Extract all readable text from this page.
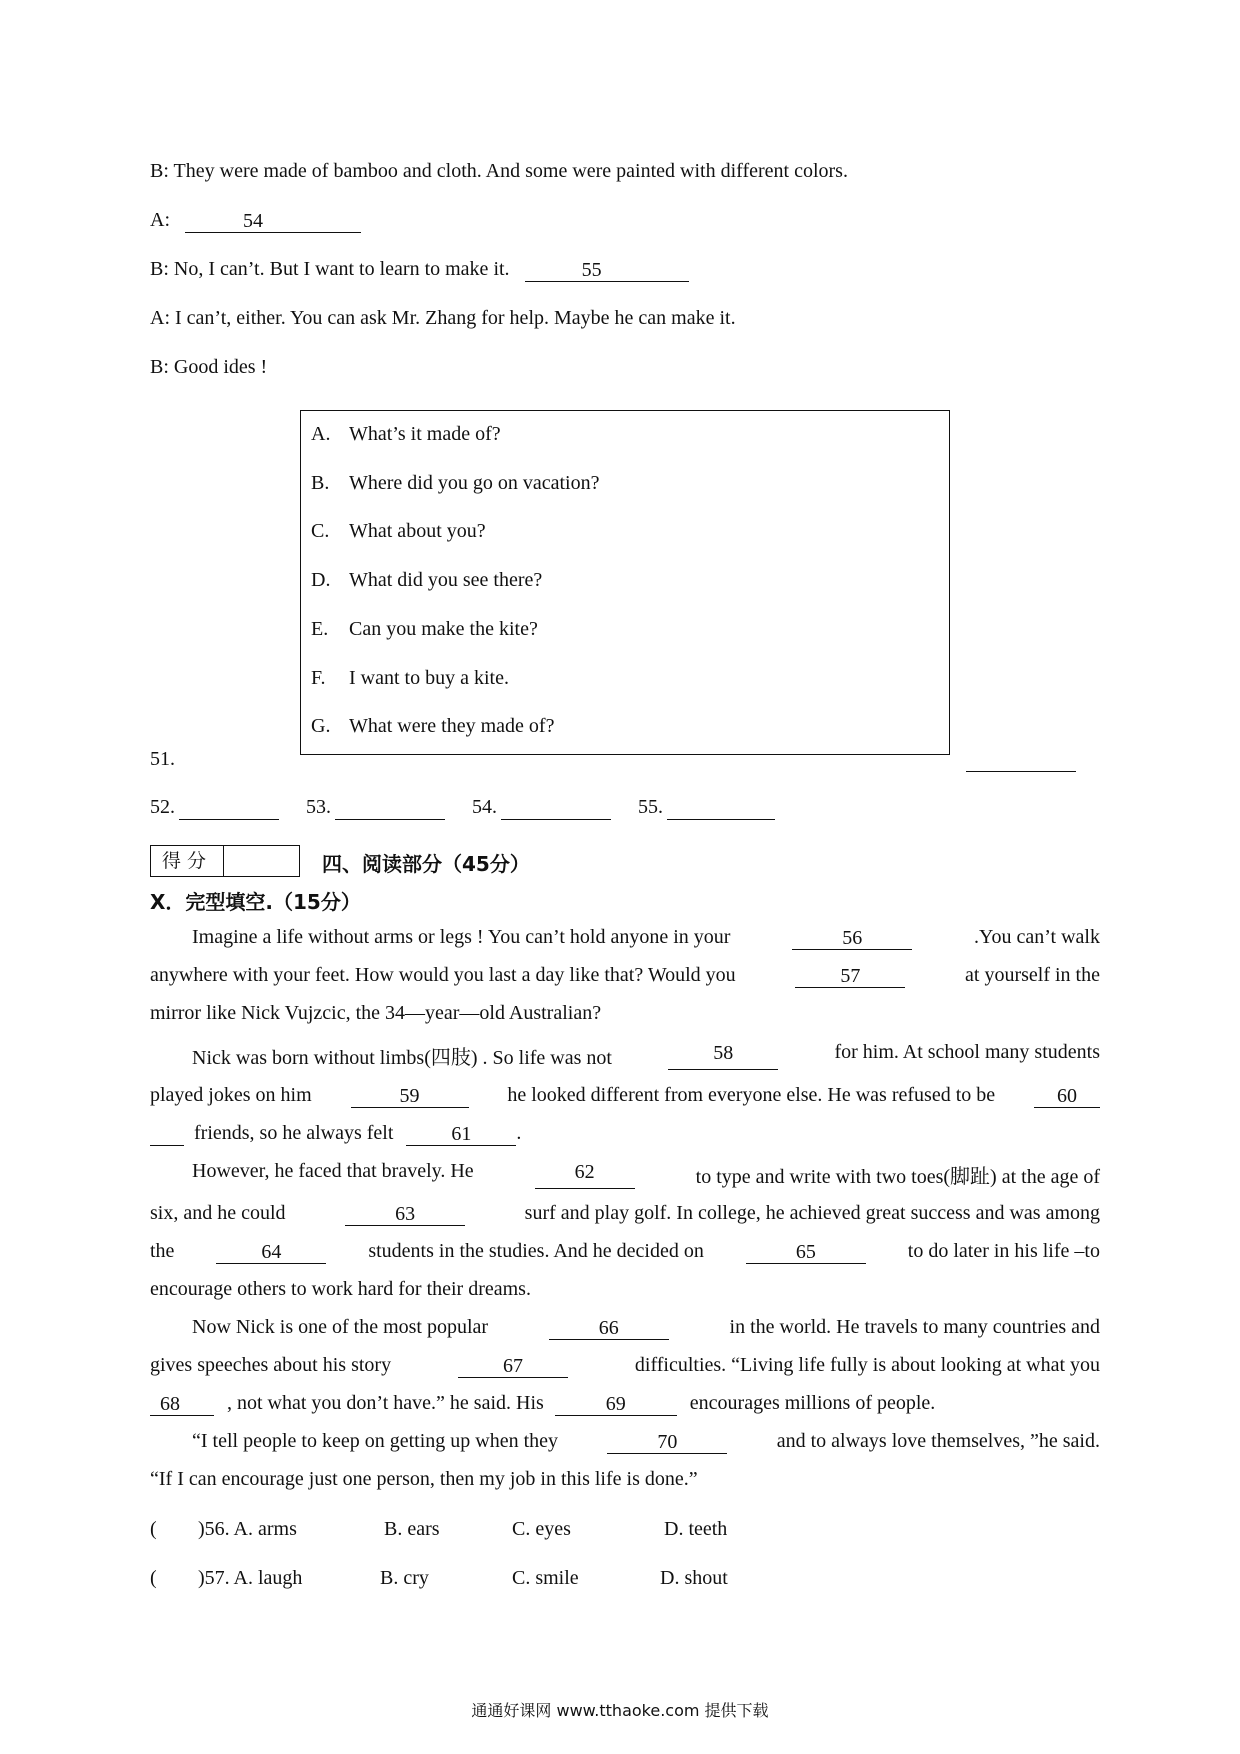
B: They were made of bamboo and cloth. And some were painted with different colors.
A:	54
B: No, I can’t. But I want to learn to make it.	55
A: I can’t, either. You can ask Mr. Zhang for help. Maybe he can make it.
B: Good ides !
A. What’s it made of?
B. Where did you go on vacation?
C. What about you?
D. What did you see there?
E. Can you make the kite?
F. I want to buy a kite.
G. What were they made of?
51.

52.	53.	54.	55.
得分	四、阅读部分（45分）
X．完型填空.（15分）
Imagine a life without arms or legs ! You can’t hold anyone in your	56	.You can’t walk
anywhere with your feet. How would you last a day like that? Would you	57	at yourself in the
mirror like Nick Vujzcic, the 34—year—old Australian?
Nick was born without limbs(四肢) . So life was not	58	for him. At school many students
played jokes on him	59	he looked different from everyone else. He was refused to be	60
friends, so he always felt	61 .
However, he faced that bravely. He	62	to type and write with two toes(脚趾) at the age of
six, and he could	63	surf and play golf. In college, he achieved great success and was among
the	64	students in the studies. And he decided on	65	to do later in his life –to
encourage others to work hard for their dreams.
Now Nick is one of the most popular	66	in the world. He travels to many countries and
gives speeches about his story	67	difficulties. “Living life fully is about looking at what you
68 , not what you don’t have.” he said. His	69	encourages millions of people.
“I tell people to keep on getting up when they	70	and to always love themselves, ”he said.
“If I can encourage just one person, then my job in this life is done.”
( )56. A. arms	B. ears	C. eyes	D. teeth
( )57. A. laugh	B. cry	C. smile	D. shout
通通好课网 www.tthaoke.com 提供下载
